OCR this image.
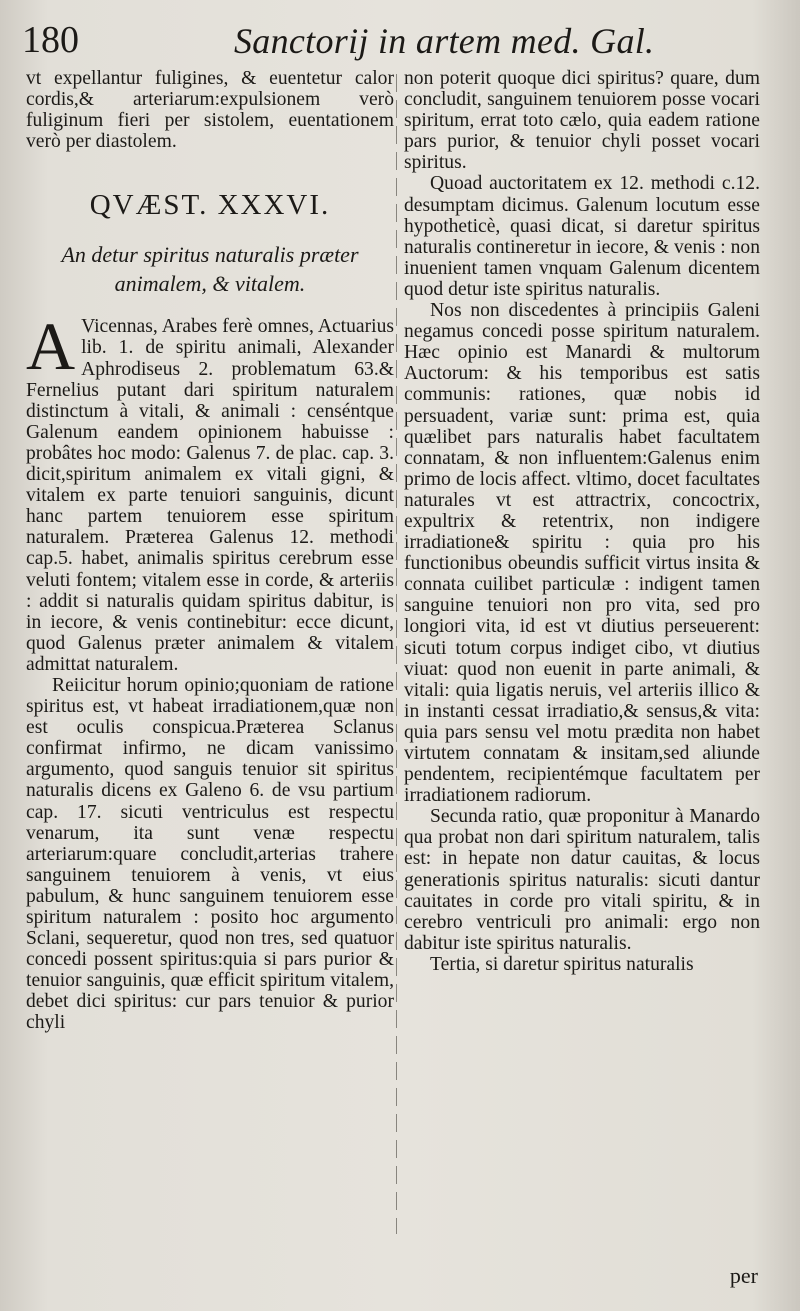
180	Sanctorij in artem med. Gal.

vt expellantur fuligines, & euentetur calor cordis,& arteriarum:expulsionem verò fuliginum fieri per sistolem, euentationem verò per diastolem.

QVÆST. XXXVI.
An detur spiritus naturalis præter
animalem, & vitalem.

A Vicennas, Arabes ferè omnes, Actuarius lib. 1. de spiritu animali, Alexander Aphrodiseus 2. problematum 63.& Fernelius putant dari spiritum naturalem distinctum à vitali, & animali : censéntque Galenum eandem opinionem habuisse : probâtes hoc modo: Galenus 7. de plac. cap. 3. dicit,spiritum animalem ex vitali gigni, & vitalem ex parte tenuiori sanguinis, dicunt hanc partem tenuiorem esse spiritum naturalem. Præterea Galenus 12. methodi cap.5. habet, animalis spiritus cerebrum esse veluti fontem; vitalem esse in corde, & arteriis : addit si naturalis quidam spiritus dabitur, is in iecore, & venis continebitur: ecce dicunt, quod Galenus præter animalem & vitalem admittat naturalem.

Reiicitur horum opinio;quoniam de ratione spiritus est, vt habeat irradiationem,quæ non est oculis conspicua.Præterea Sclanus confirmat infirmo, ne dicam vanissimo argumento, quod sanguis tenuior sit spiritus naturalis dicens ex Galeno 6. de vsu partium cap. 17. sicuti ventriculus est respectu venarum, ita sunt venæ respectu arteriarum:quare concludit,arterias trahere sanguinem tenuiorem à venis, vt eius pabulum, & hunc sanguinem tenuiorem esse spiritum naturalem : posito hoc argumento Sclani, sequeretur, quod non tres, sed quatuor concedi possent spiritus:quia si pars purior & tenuior sanguinis, quæ efficit spiritum vitalem, debet dici spiritus: cur pars tenuior & purior chyli

non poterit quoque dici spiritus? quare, dum concludit, sanguinem tenuiorem posse vocari spiritum, errat toto cælo, quia eadem ratione pars purior, & tenuior chyli posset vocari spiritus.

Quoad auctoritatem ex 12. methodi c.12. desumptam dicimus. Galenum locutum esse hypotheticè, quasi dicat, si daretur spiritus naturalis contineretur in iecore, & venis : non inuenient tamen vnquam Galenum dicentem quod detur iste spiritus naturalis.

Nos non discedentes à principiis Galeni negamus concedi posse spiritum naturalem. Hæc opinio est Manardi & multorum Auctorum: & his temporibus est satis communis: rationes, quæ nobis id persuadent, variæ sunt: prima est, quia quælibet pars naturalis habet facultatem connatam, & non influentem:Galenus enim primo de locis affect. vltimo, docet facultates naturales vt est attractrix, concoctrix, expultrix & retentrix, non indigere irradiatione& spiritu : quia pro his functionibus obeundis sufficit virtus insita & connata cuilibet particulæ : indigent tamen sanguine tenuiori non pro vita, sed pro longiori vita, id est vt diutius perseuerent: sicuti totum corpus indiget cibo, vt diutius viuat: quod non euenit in parte animali, & vitali: quia ligatis neruis, vel arteriis illico & in instanti cessat irradiatio,& sensus,& vita: quia pars sensu vel motu prædita non habet virtutem connatam & insitam,sed aliunde pendentem, recipientémque facultatem per irradiationem radiorum.

Secunda ratio, quæ proponitur à Manardo qua probat non dari spiritum naturalem, talis est: in hepate non datur cauitas, & locus generationis spiritus naturalis: sicuti dantur cauitates in corde pro vitali spiritu, & in cerebro ventriculi pro animali: ergo non dabitur iste spiritus naturalis.

Tertia, si daretur spiritus naturalis

per
